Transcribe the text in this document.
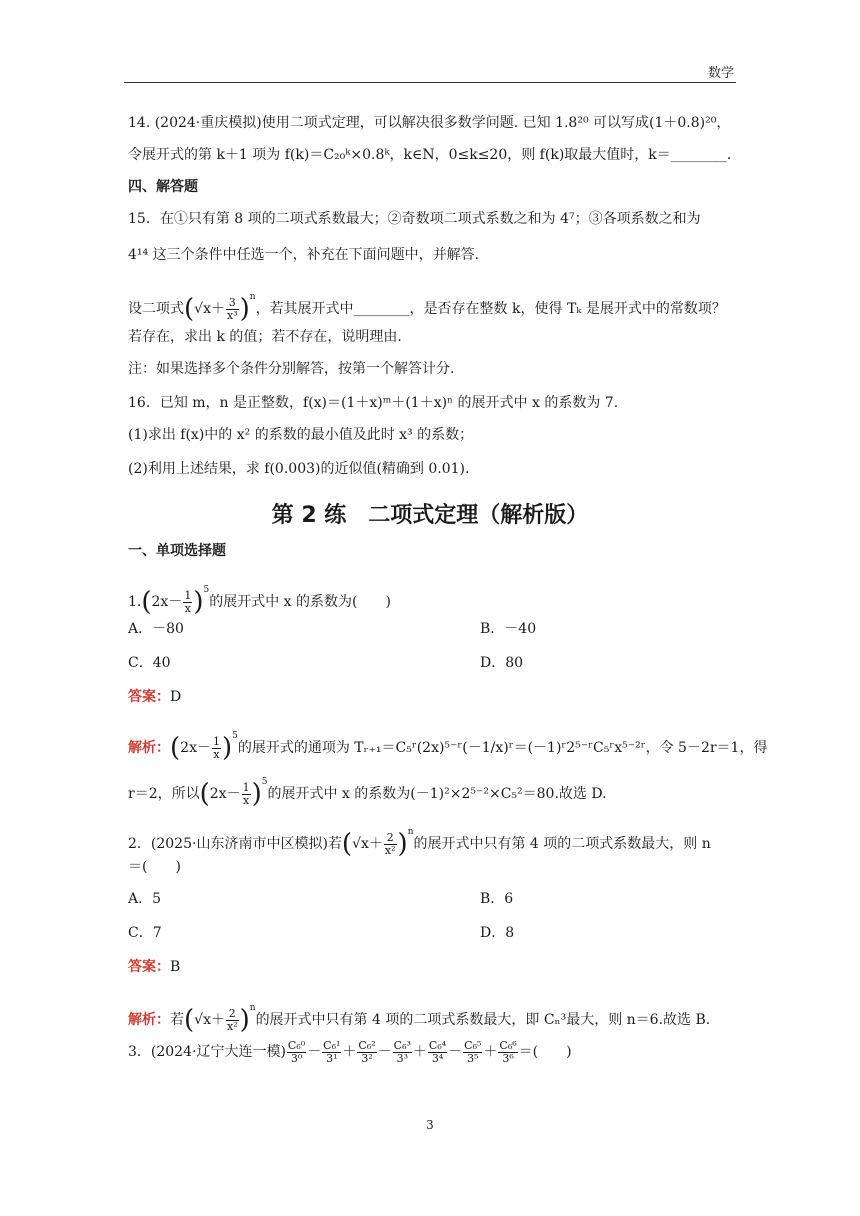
数学
14. (2024·重庆模拟)使用二项式定理，可以解决很多数学问题. 已知 1.8²⁰ 可以写成(1＋0.8)²⁰，
令展开式的第 k＋1 项为 f(k)＝C₂₀ᵏ×0.8ᵏ，k∈N，0≤k≤20，则 f(k)取最大值时，k＝________.
四、解答题
15．在①只有第 8 项的二项式系数最大；②奇数项二项式系数之和为 4⁷；③各项系数之和为
4¹⁴ 这三个条件中任选一个，补充在下面问题中，并解答.
设二项式$(√x+ \frac{3}{\text{x³}} )^n$，若其展开式中________，是否存在整数 k，使得 Tₖ 是展开式中的常数项？
若存在，求出 k 的值；若不存在，说明理由.
注：如果选择多个条件分别解答，按第一个解答计分.
16．已知 m，n 是正整数，f(x)＝(1＋x)ᵐ＋(1＋x)ⁿ 的展开式中 x 的系数为 7.
(1)求出 f(x)中的 x² 的系数的最小值及此时 x³ 的系数；
(2)利用上述结果，求 f(0.003)的近似值(精确到 0.01).
第 2 练　二项式定理（解析版）
一、单项选择题
$1.(2x- \frac{1}{x} )^5$的展开式中 x 的系数为(　　)
A．－80	B．－40
C．40	D．80
答案：D
解析：$(2x- \frac{1}{x} )^5$的展开式的通项为 Tᵣ₊₁＝C₅ʳ(2x)⁵⁻ʳ(－1/x)ʳ＝(－1)ʳ2⁵⁻ʳC₅ʳx⁵⁻²ʳ，令 5－2r＝1，得
r＝2，所以$(2x- \frac{1}{x} )^5$的展开式中 x 的系数为(－1)²×2⁵⁻²×C₅²＝80.故选 D.
2．(2025·山东济南市中区模拟)若$(√x+ \frac{2}{\text{x²}} )^n$的展开式中只有第 4 项的二项式系数最大，则 n
＝(　　)
A．5	B．6
C．7	D．8
答案：B
解析：若$(√x+ \frac{2}{\text{x²}} )^n$的展开式中只有第 4 项的二项式系数最大，即 Cₙ³最大，则 n＝6.故选 B.
3．(2024·辽宁大连一模) $\frac{\text{C₆⁰}}{\text{3⁰}} - \frac{\text{C₆¹}}{\text{3¹}} + \frac{\text{C₆²}}{\text{3²}} - \frac{\text{C₆³}}{\text{3³}} + \frac{\text{C₆⁴}}{\text{3⁴}} - \frac{\text{C₆⁵}}{\text{3⁵}} + \frac{\text{C₆⁶}}{\text{3⁶}}$ ＝(　　)
3
